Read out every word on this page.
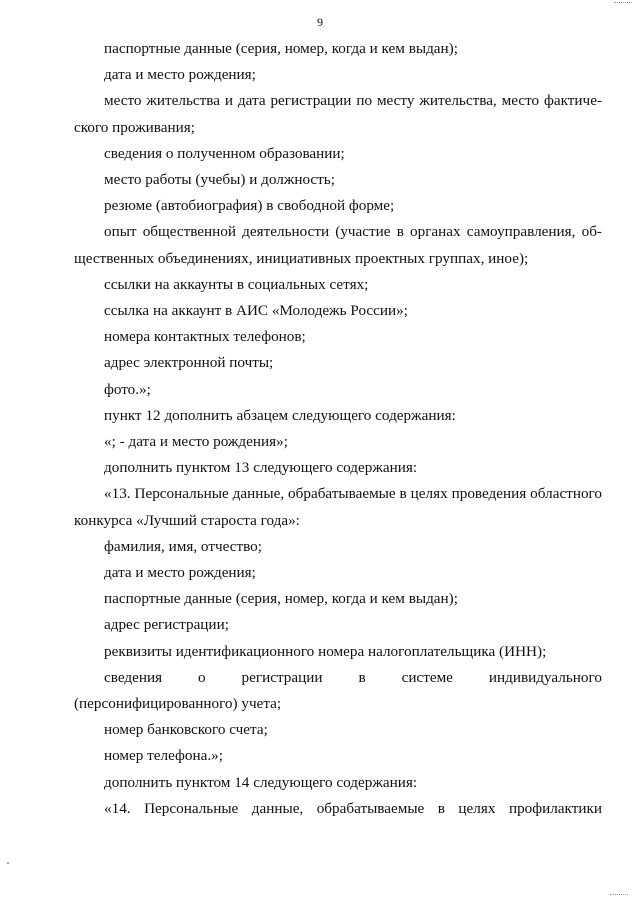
9

паспортные данные (серия, номер, когда и кем выдан);

дата и место рождения;

место жительства и дата регистрации по месту жительства, место фактиче-

ского проживания;

сведения о полученном образовании;

место работы (учебы) и должность;

резюме (автобиография) в свободной форме;

опыт общественной деятельности (участие в органах самоуправления, об-

щественных объединениях, инициативных проектных группах, иное);

ссылки на аккаунты в социальных сетях;

ссылка на аккаунт в АИС «Молодежь России»;

номера контактных телефонов;

адрес электронной почты;

фото.»;

пункт 12 дополнить абзацем следующего содержания:

«; - дата и место рождения»;

дополнить пунктом 13 следующего содержания:

«13. Персональные данные, обрабатываемые в целях проведения областного

конкурса «Лучший староста года»:

фамилия, имя, отчество;

дата и место рождения;

паспортные данные (серия, номер, когда и кем выдан);

адрес регистрации;

реквизиты идентификационного номера налогоплательщика (ИНН);

сведения о регистрации в системе индивидуального

(персонифицированного) учета;

номер банковского счета;

номер телефона.»;

дополнить пунктом 14 следующего содержания:

«14. Персональные данные, обрабатываемые в целях профилактики
